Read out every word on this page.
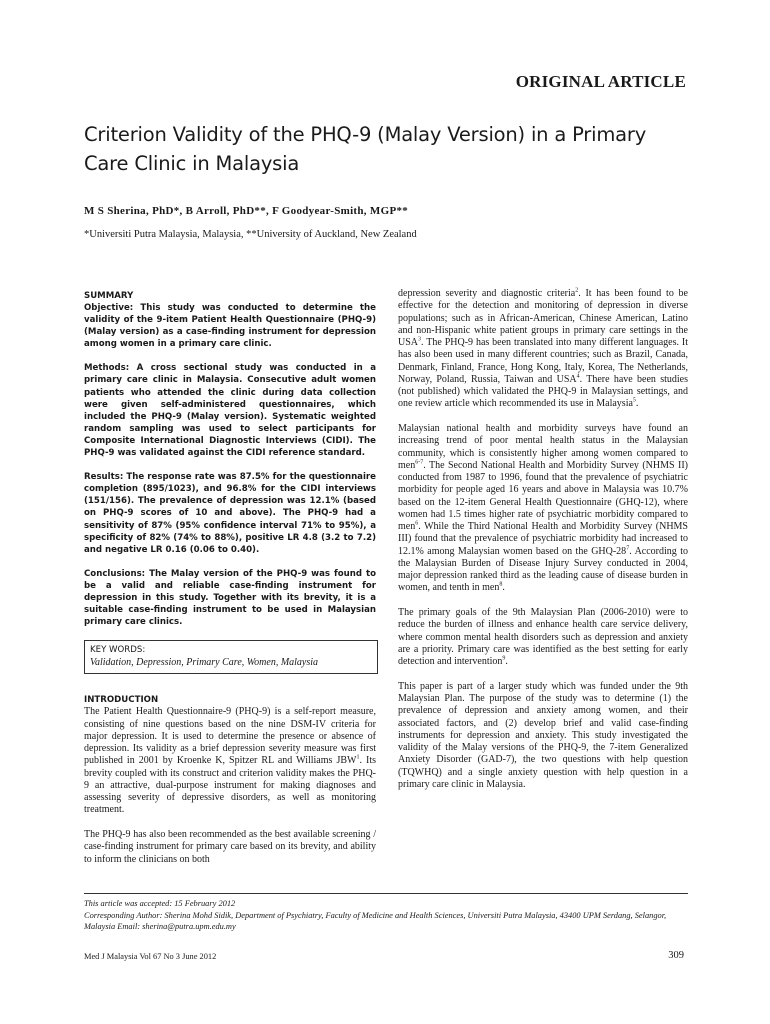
ORIGINAL ARTICLE
Criterion Validity of the PHQ-9 (Malay Version) in a Primary Care Clinic in Malaysia
M S Sherina, PhD*, B Arroll, PhD**, F Goodyear-Smith, MGP**
*Universiti Putra Malaysia, Malaysia, **University of Auckland, New Zealand
SUMMARY

Objective: This study was conducted to determine the validity of the 9-item Patient Health Questionnaire (PHQ-9) (Malay version) as a case-finding instrument for depression among women in a primary care clinic.

Methods: A cross sectional study was conducted in a primary care clinic in Malaysia. Consecutive adult women patients who attended the clinic during data collection were given self-administered questionnaires, which included the PHQ-9 (Malay version). Systematic weighted random sampling was used to select participants for Composite International Diagnostic Interviews (CIDI). The PHQ-9 was validated against the CIDI reference standard.

Results: The response rate was 87.5% for the questionnaire completion (895/1023), and 96.8% for the CIDI interviews (151/156). The prevalence of depression was 12.1% (based on PHQ-9 scores of 10 and above). The PHQ-9 had a sensitivity of 87% (95% confidence interval 71% to 95%), a specificity of 82% (74% to 88%), positive LR 4.8 (3.2 to 7.2) and negative LR 0.16 (0.06 to 0.40).

Conclusions: The Malay version of the PHQ-9 was found to be a valid and reliable case-finding instrument for depression in this study. Together with its brevity, it is a suitable case-finding instrument to be used in Malaysian primary care clinics.

KEY WORDS:
Validation, Depression, Primary Care, Women, Malaysia
INTRODUCTION

The Patient Health Questionnaire-9 (PHQ-9) is a self-report measure, consisting of nine questions based on the nine DSM-IV criteria for major depression. It is used to determine the presence or absence of depression. Its validity as a brief depression severity measure was first published in 2001 by Kroenke K, Spitzer RL and Williams JBW$^1$. Its brevity coupled with its construct and criterion validity makes the PHQ-9 an attractive, dual-purpose instrument for making diagnoses and assessing severity of depressive disorders, as well as monitoring treatment.

The PHQ-9 has also been recommended as the best available screening / case-finding instrument for primary care based on its brevity, and ability to inform the clinicians on both

depression severity and diagnostic criteria$^2$. It has been found to be effective for the detection and monitoring of depression in diverse populations; such as in African-American, Chinese American, Latino and non-Hispanic white patient groups in primary care settings in the USA$^3$. The PHQ-9 has been translated into many different languages. It has also been used in many different countries; such as Brazil, Canada, Denmark, Finland, France, Hong Kong, Italy, Korea, The Netherlands, Norway, Poland, Russia, Taiwan and USA$^4$. There have been studies (not published) which validated the PHQ-9 in Malaysian settings, and one review article which recommended its use in Malaysia$^5$.

Malaysian national health and morbidity surveys have found an increasing trend of poor mental health status in the Malaysian community, which is consistently higher among women compared to men$^{6-7}$. The Second National Health and Morbidity Survey (NHMS II) conducted from 1987 to 1996, found that the prevalence of psychiatric morbidity for people aged 16 years and above in Malaysia was 10.7% based on the 12-item General Health Questionnaire (GHQ-12), where women had 1.5 times higher rate of psychiatric morbidity compared to men$^6$. While the Third National Health and Morbidity Survey (NHMS III) found that the prevalence of psychiatric morbidity had increased to 12.1% among Malaysian women based on the GHQ-$28^7$. According to the Malaysian Burden of Disease Injury Survey conducted in 2004, major depression ranked third as the leading cause of disease burden in women, and tenth in men$^8$.

The primary goals of the 9th Malaysian Plan (2006-2010) were to reduce the burden of illness and enhance health care service delivery, where common mental health disorders such as depression and anxiety are a priority. Primary care was identified as the best setting for early detection and intervention$^9$.

This paper is part of a larger study which was funded under the 9th Malaysian Plan. The purpose of the study was to determine (1) the prevalence of depression and anxiety among women, and their associated factors, and (2) develop brief and valid case-finding instruments for depression and anxiety. This study investigated the validity of the Malay versions of the PHQ-9, the 7-item Generalized Anxiety Disorder (GAD-7), the two questions with help question (TQWHQ) and a single anxiety question with help question in a primary care clinic in Malaysia.

This article was accepted: 15 February 2012
Corresponding Author: Sherina Mohd Sidik, Department of Psychiatry, Faculty of Medicine and Health Sciences, Universiti Putra Malaysia, 43400 UPM Serdang, Selangor, Malaysia Email: sherina@putra.upm.edu.my
Med J Malaysia Vol 67 No 3 June 2012	309
